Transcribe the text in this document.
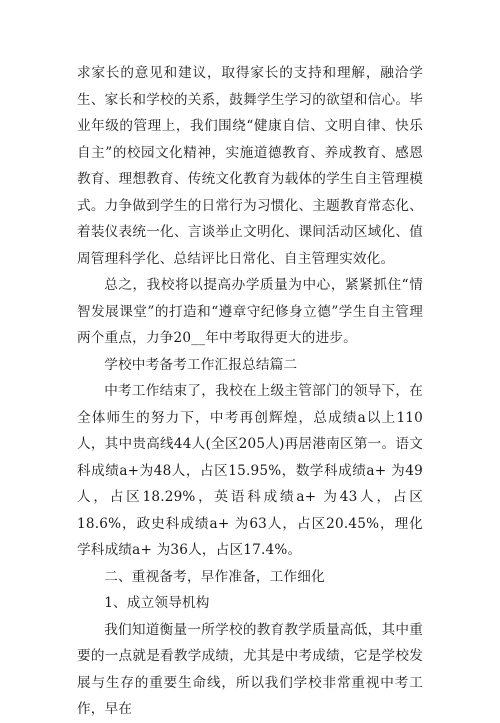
求家长的意见和建议，取得家长的支持和理解，融洽学生、家长和学校的关系，鼓舞学生学习的欲望和信心。毕业年级的管理上，我们围绕“健康自信、文明自律、快乐自主”的校园文化精神，实施道德教育、养成教育、感恩教育、理想教育、传统文化教育为载体的学生自主管理模式。力争做到学生的日常行为习惯化、主题教育常态化、着装仪表统一化、言谈举止文明化、课间活动区域化、值周管理科学化、总结评比日常化、自主管理实效化。

总之，我校将以提高办学质量为中心，紧紧抓住“情智发展课堂”的打造和“遵章守纪修身立德”学生自主管理两个重点，力争20__年中考取得更大的进步。

学校中考备考工作汇报总结篇二

中考工作结束了，我校在上级主管部门的领导下，在全体师生的努力下，中考再创辉煌，总成绩a以上110人，其中贵高线44人(全区205人)再居港南区第一。语文科成绩a+为48人，占区15.95%，数学科成绩a+ 为49人，占区18.29%，英语科成绩a+ 为43人，占区18.6%，政史科成绩a+ 为63人，占区20.45%，理化学科成绩a+ 为36人，占区17.4%。

二、重视备考，早作准备，工作细化

1、成立领导机构

我们知道衡量一所学校的教育教学质量高低，其中重要的一点就是看教学成绩，尤其是中考成绩，它是学校发展与生存的重要生命线，所以我们学校非常重视中考工作，早在
